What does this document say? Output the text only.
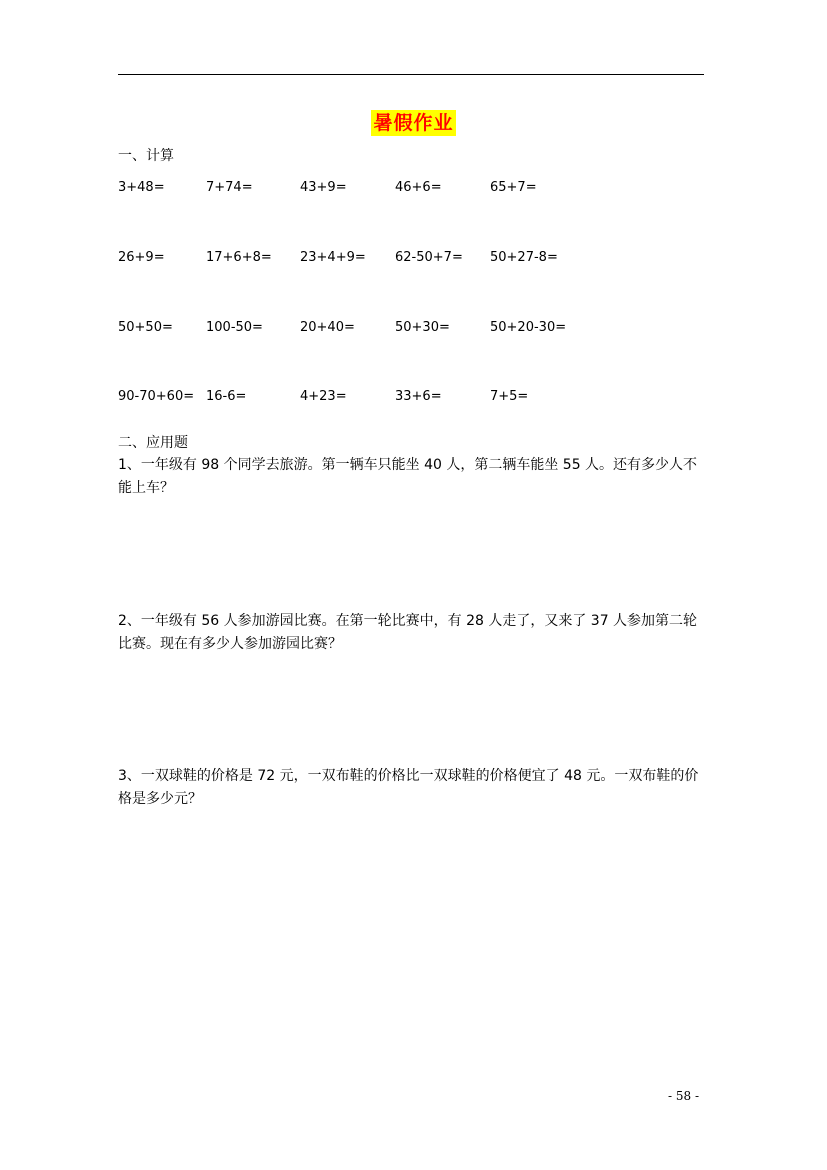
暑假作业
一、计算
3+48=	7+74=	43+9=	46+6=	65+7=
26+9=	17+6+8= 23+4+9= 62-50+7= 50+27-8=
50+50=	100-50=	20+40=	50+30=	50+20-30=
90-70+60= 16-6=	4+23=	33+6=	7+5=
二、应用题
1、一年级有 98 个同学去旅游。第一辆车只能坐 40 人，第二辆车能坐 55 人。还有多少人不能上车？
2、一年级有 56 人参加游园比赛。在第一轮比赛中，有 28 人走了，又来了 37 人参加第二轮比赛。现在有多少人参加游园比赛？
3、一双球鞋的价格是 72 元，一双布鞋的价格比一双球鞋的价格便宜了 48 元。一双布鞋的价格是多少元？
- 58 -
